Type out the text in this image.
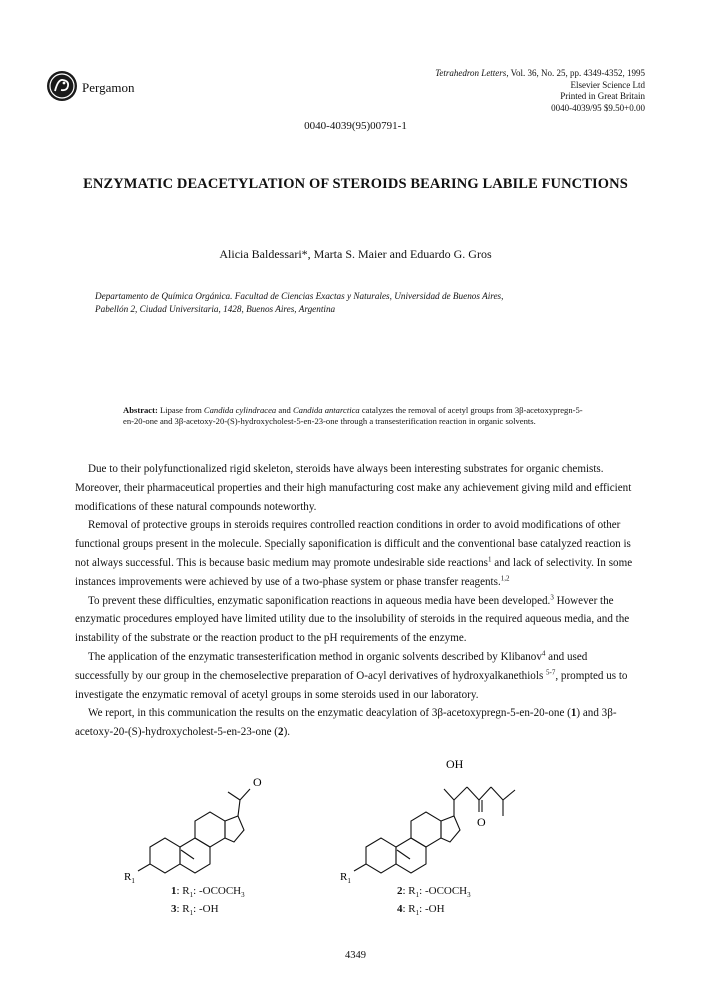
Pergamon
Tetrahedron Letters, Vol. 36, No. 25, pp. 4349-4352, 1995
Elsevier Science Ltd
Printed in Great Britain
0040-4039/95 $9.50+0.00
0040-4039(95)00791-1
ENZYMATIC DEACETYLATION OF STEROIDS BEARING LABILE FUNCTIONS
Alicia Baldessari*, Marta S. Maier and Eduardo G. Gros
Departamento de Química Orgánica. Facultad de Ciencias Exactas y Naturales, Universidad de Buenos Aires,
Pabellón 2, Ciudad Universitaria, 1428, Buenos Aires, Argentina
Abstract: Lipase from Candida cylindracea and Candida antarctica catalyzes the removal of acetyl groups from 3β-acetoxypregn-5-en-20-one and 3β-acetoxy-20-(S)-hydroxycholest-5-en-23-one through a transesterification reaction in organic solvents.

Due to their polyfunctionalized rigid skeleton, steroids have always been interesting substrates for organic chemists. Moreover, their pharmaceutical properties and their high manufacturing cost make any achievement giving mild and efficient modifications of these natural compounds noteworthy.

Removal of protective groups in steroids requires controlled reaction conditions in order to avoid modifications of other functional groups present in the molecule. Specially saponification is difficult and the conventional base catalyzed reaction is not always successful. This is because basic medium may promote undesirable side reactions$^1$ and lack of selectivity. In some instances improvements were achieved by use of a two-phase system or phase transfer reagents.$^{1,2}$

To prevent these difficulties, enzymatic saponification reactions in aqueous media have been developed.$^3$ However the enzymatic procedures employed have limited utility due to the insolubility of steroids in the required aqueous media, and the instability of the substrate or the reaction product to the pH requirements of the enzyme.

The application of the enzymatic transesterification method in organic solvents described by Klibanov$^4$ and used successfully by our group in the chemoselective preparation of O-acyl derivatives of hydroxyalkanethiols $^{5-7}$, prompted us to investigate the enzymatic removal of acetyl groups in some steroids used in our laboratory.

We report, in this communication the results on the enzymatic deacylation of 3β-acetoxypregn-5-en-20-one (1) and 3β-acetoxy-20-(S)-hydroxycholest-5-en-23-one (2).

O
$R_1$
OH
O
$R_1$
1: $R_1$: $-OCOCH_3$
3: $R_1$: -OH
2: $R_1$: $-OCOCH_3$
4: $R_1$: -OH
4349
